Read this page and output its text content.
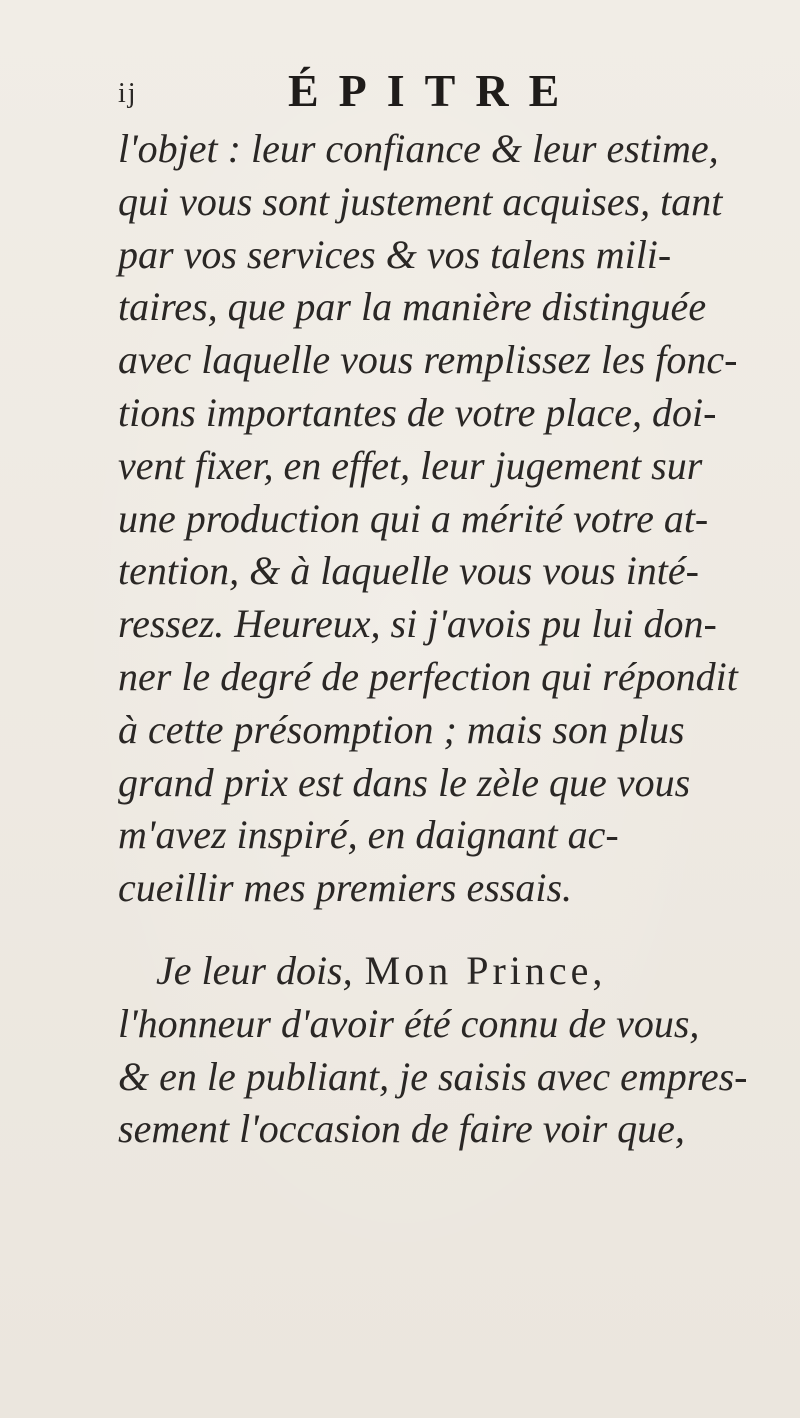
ij	ÉPITRE
l'objet : leur confiance & leur estime,
qui vous sont justement acquises, tant
par vos services & vos talens mili-
taires, que par la manière distinguée
avec laquelle vous remplissez les fonc-
tions importantes de votre place, doi-
vent fixer, en effet, leur jugement sur
une production qui a mérité votre at-
tention, & à laquelle vous vous inté-
ressez. Heureux, si j'avois pu lui don-
ner le degré de perfection qui répondit
à cette présomption ; mais son plus
grand prix est dans le zèle que vous
m'avez inspiré, en daignant ac-
cueillir mes premiers essais.
Je leur dois, Mon Prince,
l'honneur d'avoir été connu de vous,
& en le publiant, je saisis avec empres-
sement l'occasion de faire voir que,
